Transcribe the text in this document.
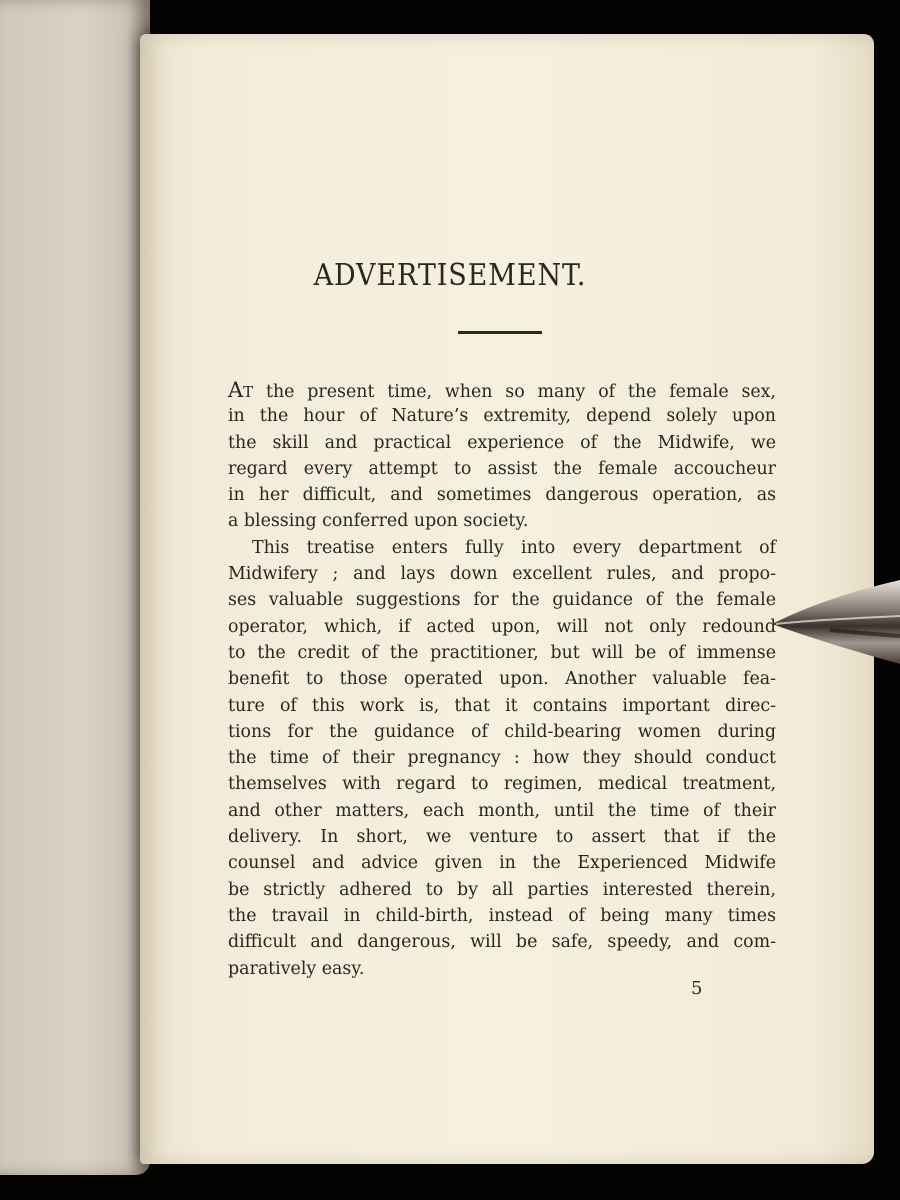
ADVERTISEMENT.
AT the present time, when so many of the female sex,
in the hour of Nature’s extremity, depend solely upon
the skill and practical experience of the Midwife, we
regard every attempt to assist the female accoucheur
in her difficult, and sometimes dangerous operation, as
a blessing conferred upon society.
This treatise enters fully into every department of
Midwifery ; and lays down excellent rules, and propo-
ses valuable suggestions for the guidance of the female
operator, which, if acted upon, will not only redound
to the credit of the practitioner, but will be of immense
benefit to those operated upon. Another valuable fea-
ture of this work is, that it contains important direc-
tions for the guidance of child-bearing women during
the time of their pregnancy : how they should conduct
themselves with regard to regimen, medical treatment,
and other matters, each month, until the time of their
delivery. In short, we venture to assert that if the
counsel and advice given in the Experienced Midwife
be strictly adhered to by all parties interested therein,
the travail in child-birth, instead of being many times
difficult and dangerous, will be safe, speedy, and com-
paratively easy.
5
